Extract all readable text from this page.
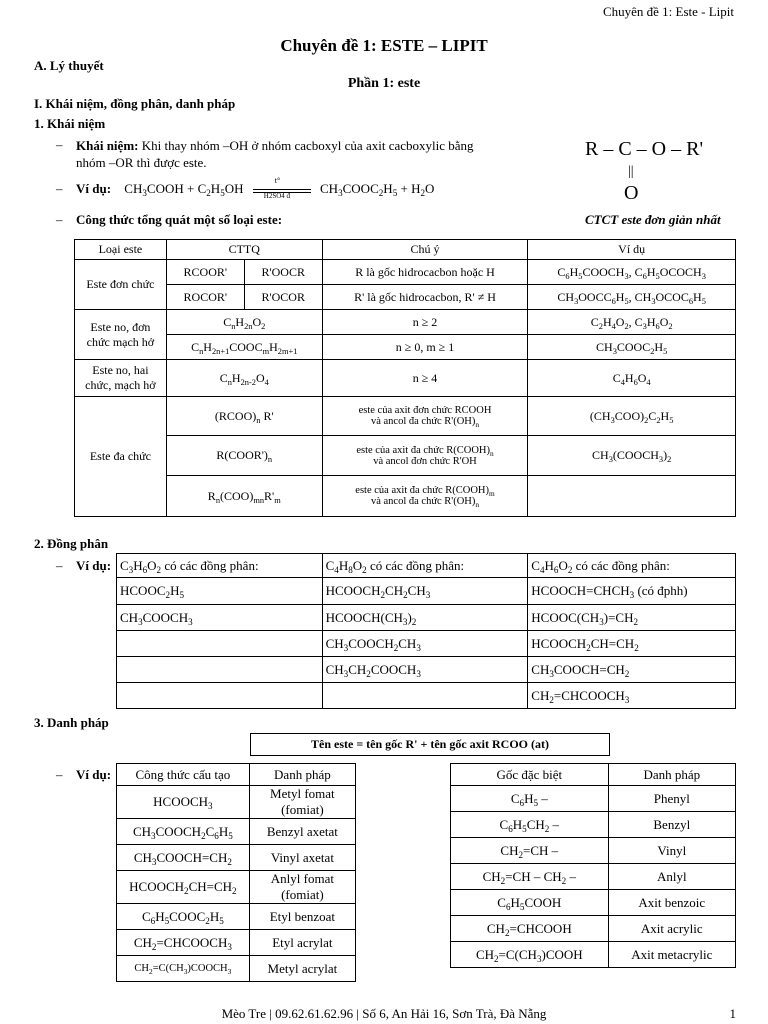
Chuyên đề 1: Este - Lipit
Chuyên đề 1: ESTE – LIPIT
A. Lý thuyết
Phần 1: este
I. Khái niệm, đồng phân, danh pháp
1. Khái niệm
– Khái niệm: Khi thay nhóm –OH ở nhóm cacboxyl của axit cacboxylic bằng
nhóm –OR thì được este.
– Ví dụ: $CH_3COOH + C_2H_5OH \frac{t^\circ}{H2SO4 đ}$ $CH_3COOC_2H_5 + H_2O$
R – C – O – R'
||
O
– Công thức tổng quát một số loại este:	CTCT este đơn giản nhất
Loại este	CTTQ		Chú ý	Ví dụ
Este đơn chức	RCOOR'	R'OOCR	R là gốc hidrocacbon hoặc H	$C_6H_5COOCH_3$, $C_6H_5OCOCH_3$
	ROCOR'	R'OCOR	R' là gốc hidrocacbon, R' ≠ H	$CH_3OOCC_6H_5$, $CH_3OCOC_6H_5$
Este no, đơn chức mạch hở	$C_nH_{2n}O_2$		n ≥ 2	$C_2H_4O_2$, $C_3H_6O_2$
	$C_nH_{2n+1}COOC_mH_{2m+1}$		n ≥ 0, m ≥ 1	$CH_3COOC_2H_5$
Este no, hai chức, mạch hở	$C_nH_{2n-2}O_4$		n ≥ 4	$C_4H_6O_4$
Este đa chức	$(RCOO)_n$ R'		este của axit đơn chức RCOOH
và ancol đa chức $R'(OH)_n$	$(CH_3COO)_2C_2H_5$
	$R(COOR')_n$		este của axit đa chức $R(COOH)_n$
và ancol đơn chức R'OH	$CH_3(COOCH_3)_2$
	$R_n(COO)_{mn}R'_m$		este của axit đa chức $R(COOH)_m$
và ancol đa chức $R'(OH)_n$	
2. Đồng phân
– Ví dụ: $C_3H_6O_2$ có các đồng phân:	$C_4H_8O_2$ có các đồng phân:	$C_4H_6O_2$ có các đồng phân:
$HCOOC_2H_5$	$HCOOCH_2CH_2CH_3$	$HCOOCH=CHCH_3$ (có đphh)
$CH_3COOCH_3$	$HCOOCH(CH_3)_2$	$HCOOC(CH_3)=CH_2$
	$CH_3COOCH_2CH_3$	$HCOOCH_2CH=CH_2$
	$CH_3CH_2COOCH_3$	$CH_3COOCH=CH_2$
		$CH_2=CHCOOCH_3$
3. Danh pháp
Tên este = tên gốc R' + tên gốc axit RCOO (at)
– Ví dụ: Công thức cấu tạo	Danh pháp
$HCOOCH_3$	Metyl fomat (fomiat)
$CH_3COOCH_2C_6H_5$	Benzyl axetat
$CH_3COOCH=CH_2$	Vinyl axetat
$HCOOCH_2CH=CH_2$	Anlyl fomat (fomiat)
$C_6H_5COOC_2H_5$	Etyl benzoat
$CH_2=CHCOOCH_3$	Etyl acrylat
$CH_2=C(CH_3)COOCH_3$	Metyl acrylat
Gốc đặc biệt	Danh pháp
$C_6H_5$ –	Phenyl
$C_6H_5CH_2$ –	Benzyl
$CH_2=CH$ –	Vinyl
$CH_2=CH - CH_2$ –	Anlyl
$C_6H_5COOH$	Axit benzoic
$CH_2=CHCOOH$	Axit acrylic
$CH_2=C(CH_3)COOH$	Axit metacrylic
Mèo Tre | 09.62.61.62.96 | Số 6, An Hải 16, Sơn Trà, Đà Nẵng	1
